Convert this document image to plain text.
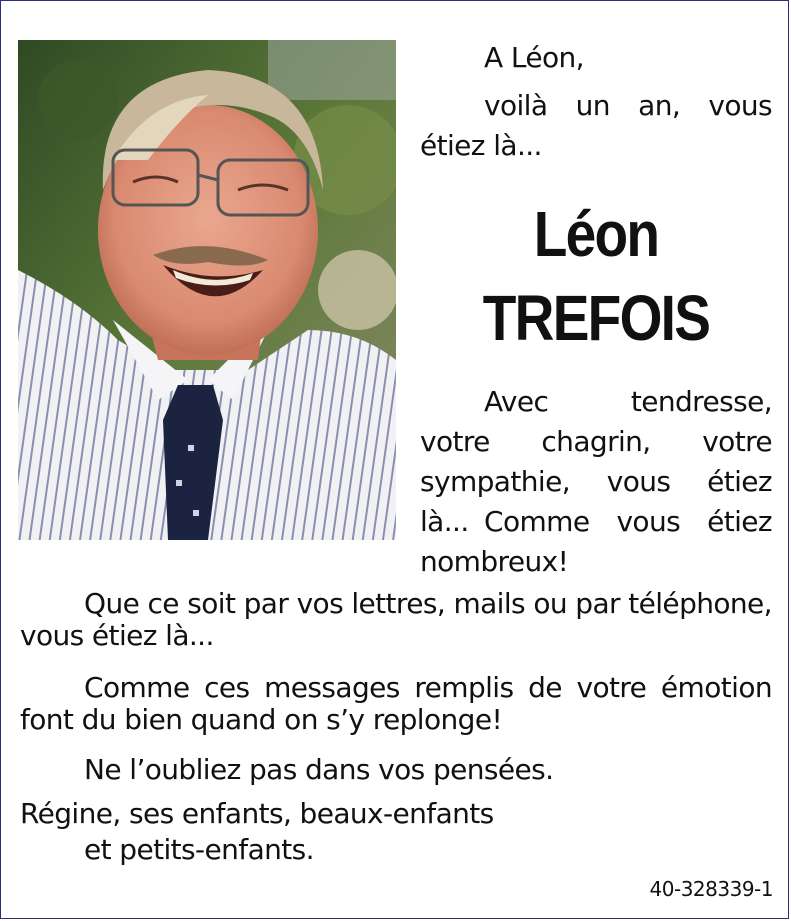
A Léon,
voilà un an, vous étiez là...
Léon
TREFOIS
Avec tendresse, votre chagrin, votre sympathie, vous étiez là... Comme vous étiez nombreux!
Que ce soit par vos lettres, mails ou par téléphone, vous étiez là...
Comme ces messages remplis de votre émotion font du bien quand on s’y replonge!
Ne l’oubliez pas dans vos pensées.
Régine, ses enfants, beaux-enfants
et petits-enfants.
40-328339-1
